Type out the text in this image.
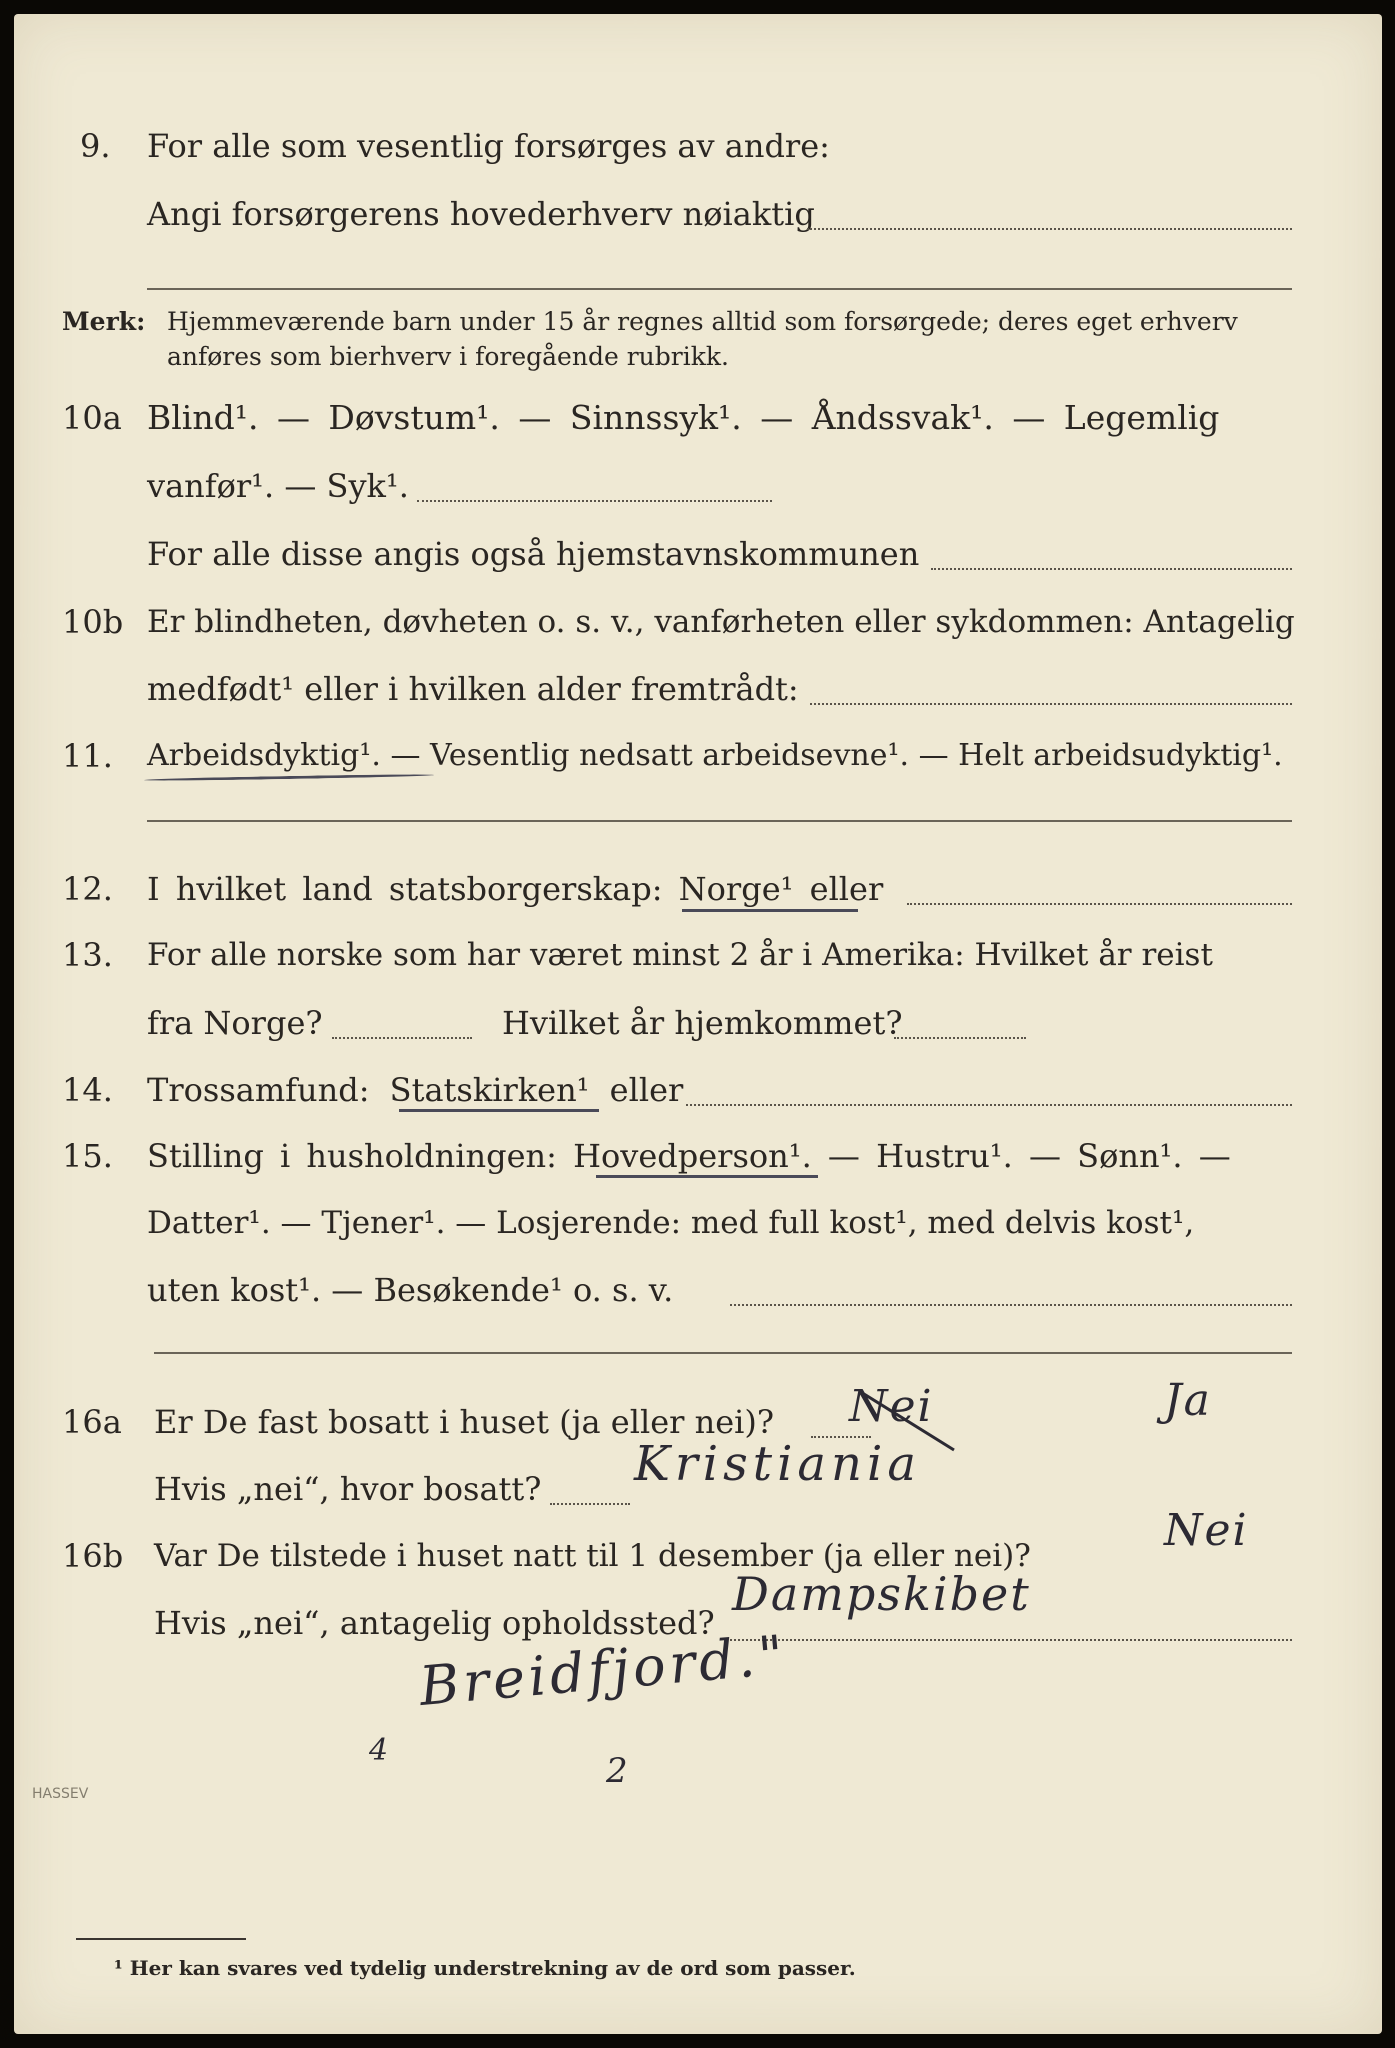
9. For alle som vesentlig forsørges av andre:
Angi forsørgerens hovederhverv nøiaktig
Merk: Hjemmeværende barn under 15 år regnes alltid som forsørgede; deres eget erhverv
anføres som bierhverv i foregående rubrikk.
10a Blind¹. — Døvstum¹. — Sinnssyk¹. — Åndssvak¹. — Legemlig
vanfør¹. — Syk¹.
For alle disse angis også hjemstavnskommunen
10b Er blindheten, døvheten o. s. v., vanførheten eller sykdommen: Antagelig
medfødt¹ eller i hvilken alder fremtrådt:
11. Arbeidsdyktig¹. — Vesentlig nedsatt arbeidsevne¹. — Helt arbeidsudyktig¹.
12. I hvilket land statsborgerskap: Norge¹ eller
13. For alle norske som har været minst 2 år i Amerika: Hvilket år reist
fra Norge?	Hvilket år hjemkommet?
14. Trossamfund: Statskirken¹ eller
15. Stilling i husholdningen: Hovedperson¹. — Hustru¹. — Sønn¹. —
Datter¹. — Tjener¹. — Losjerende: med full kost¹, med delvis kost¹,
uten kost¹. — Besøkende¹ o. s. v.
16a Er De fast bosatt i huset (ja eller nei)? Nei	Ja
Hvis „nei“, hvor bosatt? Kristiania
16b Var De tilstede i huset natt til 1 desember (ja eller nei)?	Nei
Hvis „nei“, antagelig opholdssted?
Dampskibet
Breidfjord."
4
2
HASSEV
¹ Her kan svares ved tydelig understrekning av de ord som passer.
